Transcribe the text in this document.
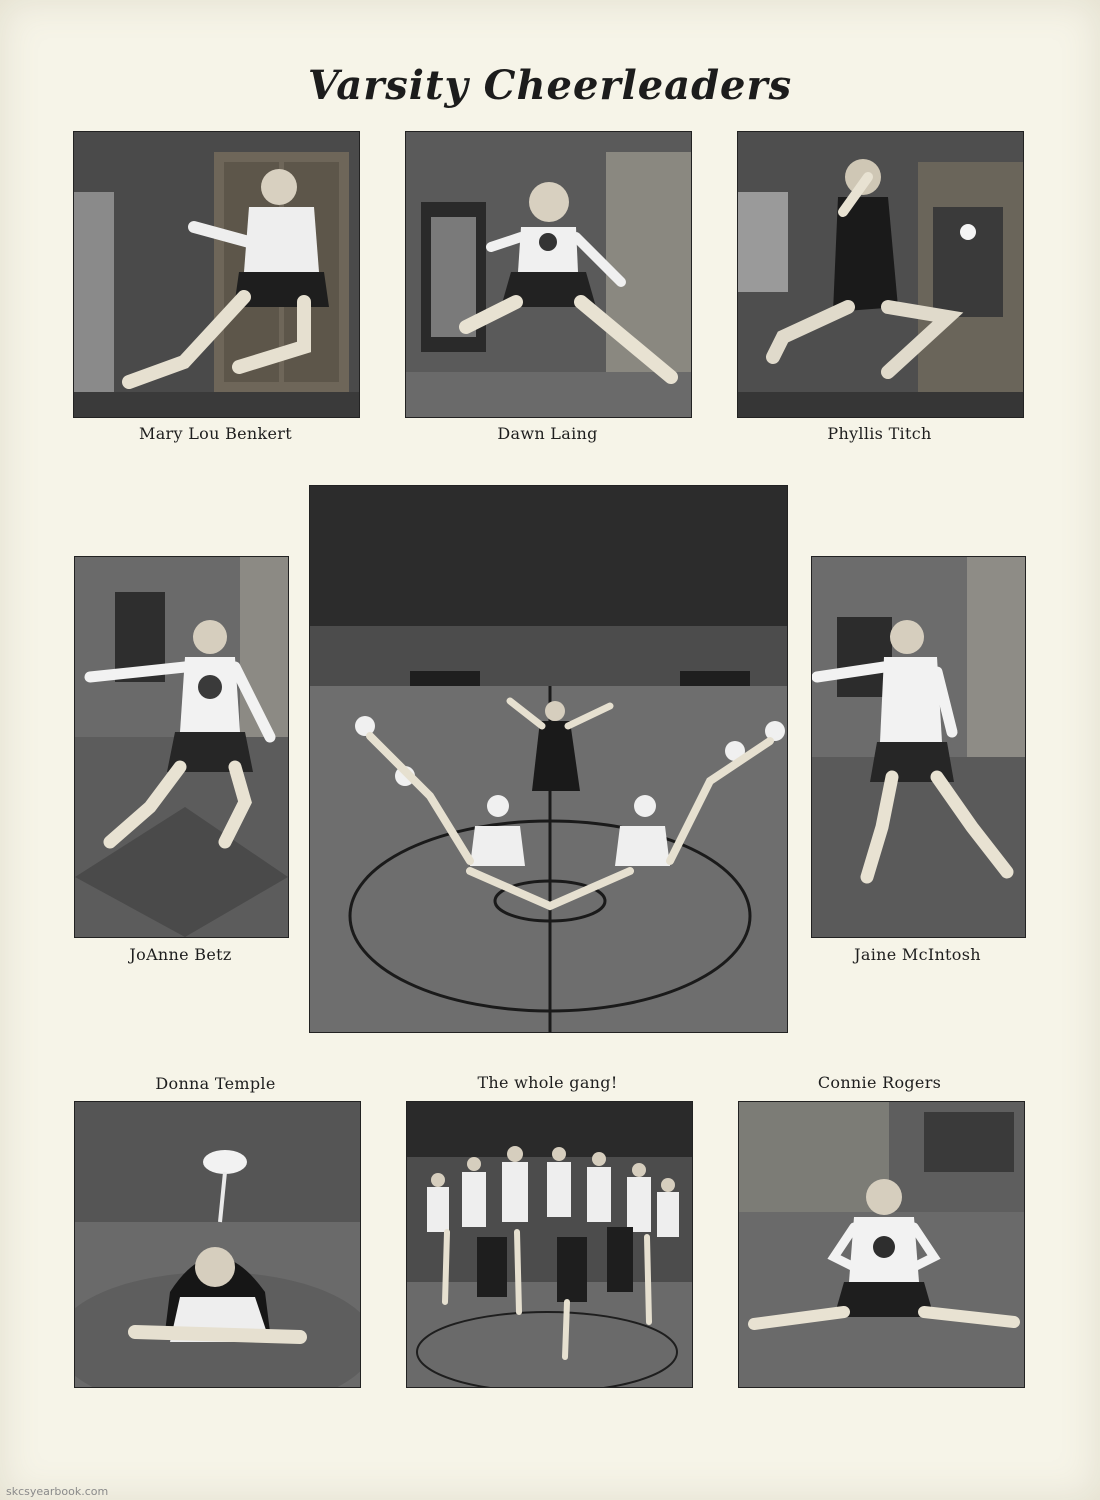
Varsity Cheerleaders
Mary Lou Benkert	Dawn Laing	Phyllis Titch
JoAnne Betz	Jaine McIntosh
Donna Temple	The whole gang!	Connie Rogers
skcsyearbook.com
